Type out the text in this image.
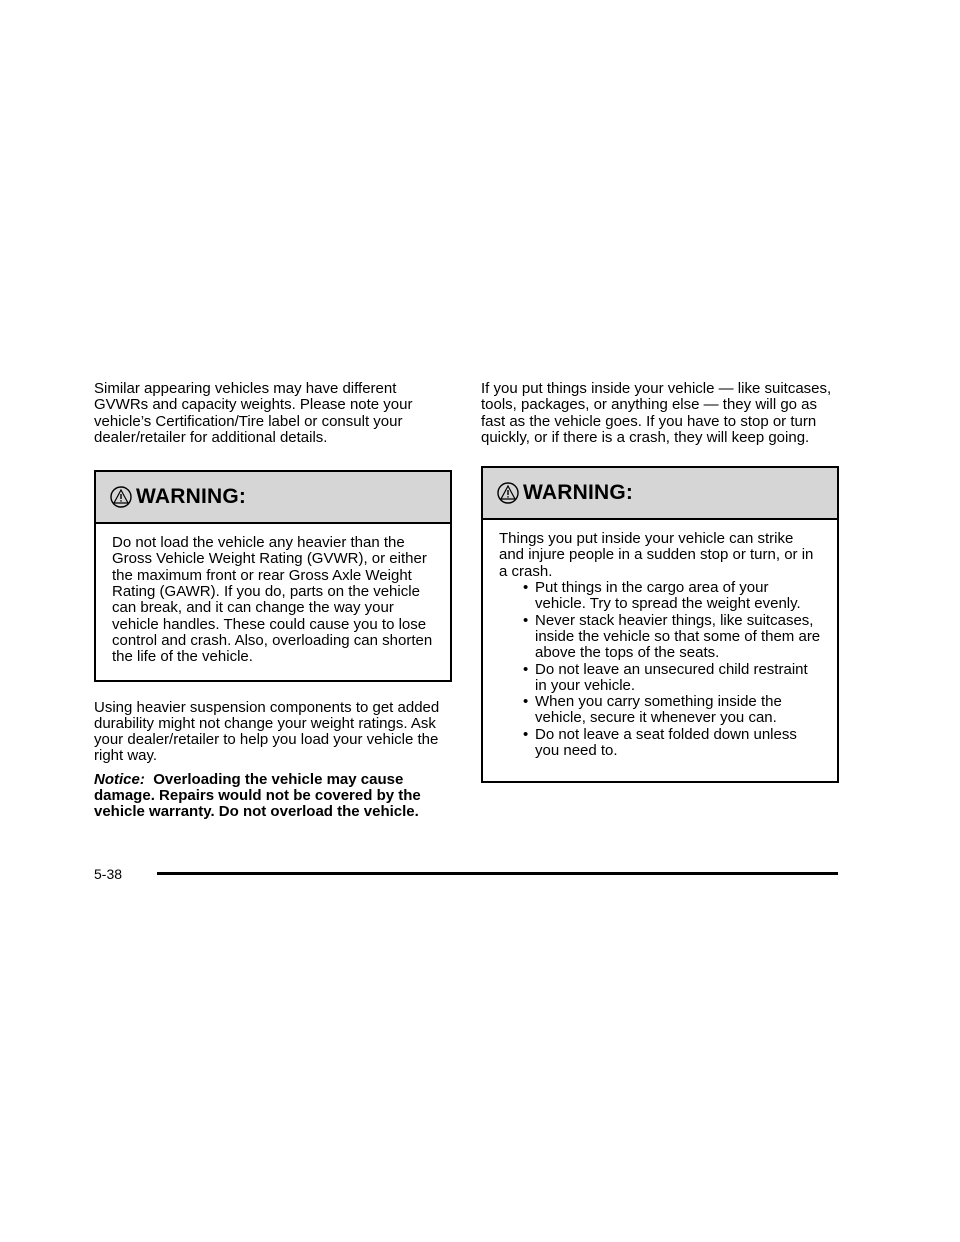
Similar appearing vehicles may have different GVWRs and capacity weights. Please note your vehicle’s Certification/Tire label or consult your dealer/retailer for additional details.

WARNING:
Do not load the vehicle any heavier than the Gross Vehicle Weight Rating (GVWR), or either the maximum front or rear Gross Axle Weight Rating (GAWR). If you do, parts on the vehicle can break, and it can change the way your vehicle handles. These could cause you to lose control and crash. Also, overloading can shorten the life of the vehicle.

Using heavier suspension components to get added durability might not change your weight ratings. Ask your dealer/retailer to help you load your vehicle the right way.

Notice: Overloading the vehicle may cause damage. Repairs would not be covered by the vehicle warranty. Do not overload the vehicle.

If you put things inside your vehicle — like suitcases, tools, packages, or anything else — they will go as fast as the vehicle goes. If you have to stop or turn quickly, or if there is a crash, they will keep going.

WARNING:

Things you put inside your vehicle can strike and injure people in a sudden stop or turn, or in a crash.

• Put things in the cargo area of your vehicle. Try to spread the weight evenly.
• Never stack heavier things, like suitcases, inside the vehicle so that some of them are above the tops of the seats.
• Do not leave an unsecured child restraint in your vehicle.
• When you carry something inside the vehicle, secure it whenever you can.
• Do not leave a seat folded down unless you need to.
5-38
